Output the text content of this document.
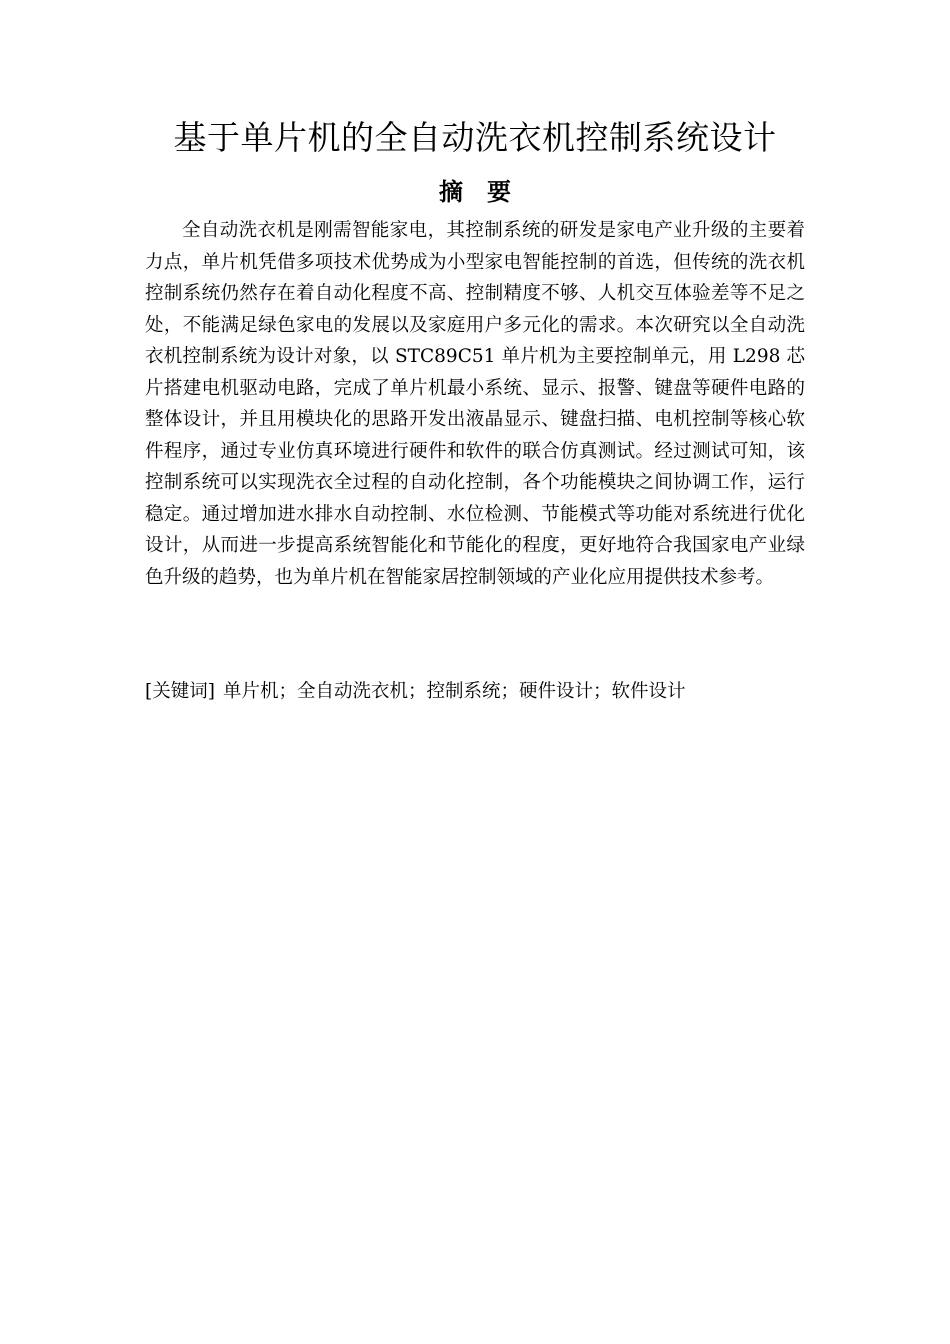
基于单片机的全自动洗衣机控制系统设计
摘 要

全自动洗衣机是刚需智能家电，其控制系统的研发是家电产业升级的主要着力点，单片机凭借多项技术优势成为小型家电智能控制的首选，但传统的洗衣机控制系统仍然存在着自动化程度不高、控制精度不够、人机交互体验差等不足之处，不能满足绿色家电的发展以及家庭用户多元化的需求。本次研究以全自动洗衣机控制系统为设计对象，以 STC89C51 单片机为主要控制单元，用 L298 芯片搭建电机驱动电路，完成了单片机最小系统、显示、报警、键盘等硬件电路的整体设计，并且用模块化的思路开发出液晶显示、键盘扫描、电机控制等核心软件程序，通过专业仿真环境进行硬件和软件的联合仿真测试。经过测试可知，该控制系统可以实现洗衣全过程的自动化控制，各个功能模块之间协调工作，运行稳定。通过增加进水排水自动控制、水位检测、节能模式等功能对系统进行优化设计，从而进一步提高系统智能化和节能化的程度，更好地符合我国家电产业绿色升级的趋势，也为单片机在智能家居控制领域的产业化应用提供技术参考。

[关键词] 单片机；全自动洗衣机；控制系统；硬件设计；软件设计
